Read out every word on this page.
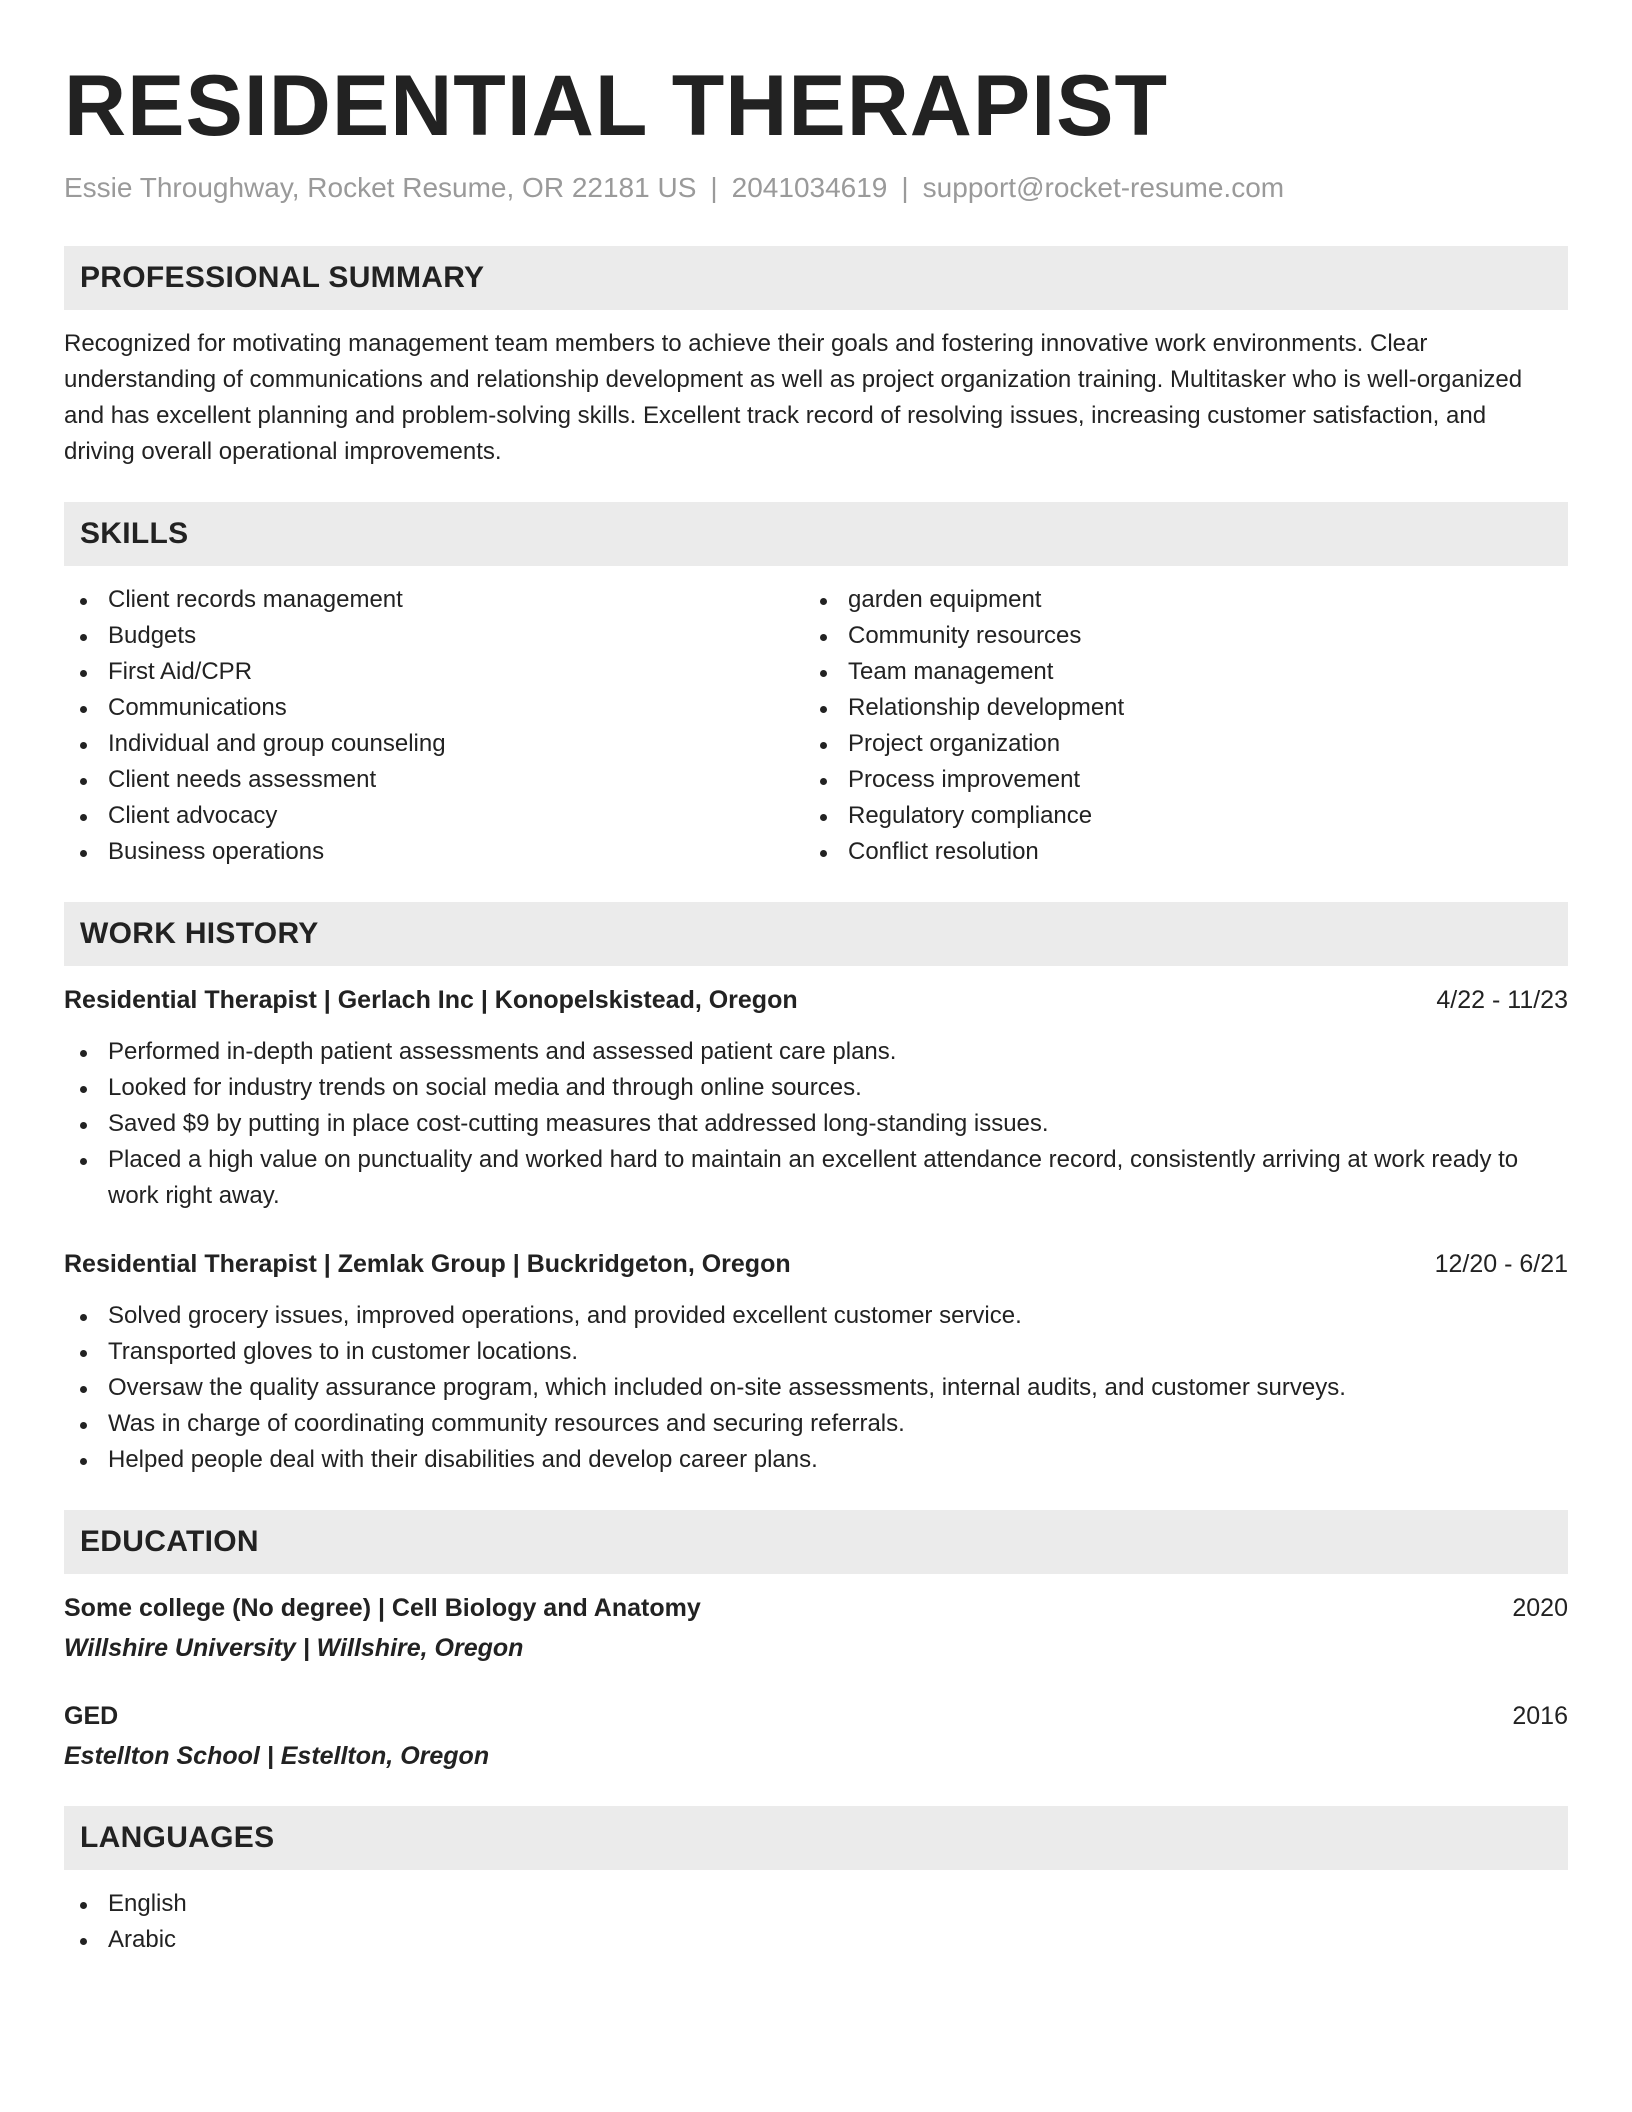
RESIDENTIAL THERAPIST
Essie Throughway, Rocket Resume, OR 22181 US | 2041034619 | support@rocket-resume.com
PROFESSIONAL SUMMARY

Recognized for motivating management team members to achieve their goals and fostering innovative work environments. Clear understanding of communications and relationship development as well as project organization training. Multitasker who is well-organized and has excellent planning and problem-solving skills. Excellent track record of resolving issues, increasing customer satisfaction, and driving overall operational improvements.

SKILLS
Client records management
Budgets
First Aid/CPR
Communications
Individual and group counseling
Client needs assessment
Client advocacy
Business operations
garden equipment
Community resources
Team management
Relationship development
Project organization
Process improvement
Regulatory compliance
Conflict resolution
WORK HISTORY
Residential Therapist | Gerlach Inc | Konopelskistead, Oregon	4/22 - 11/23
Performed in-depth patient assessments and assessed patient care plans.
Looked for industry trends on social media and through online sources.
Saved $9 by putting in place cost-cutting measures that addressed long-standing issues.
Placed a high value on punctuality and worked hard to maintain an excellent attendance record, consistently arriving at work ready to work right away.
Residential Therapist | Zemlak Group | Buckridgeton, Oregon	12/20 - 6/21
Solved grocery issues, improved operations, and provided excellent customer service.
Transported gloves to in customer locations.
Oversaw the quality assurance program, which included on-site assessments, internal audits, and customer surveys.
Was in charge of coordinating community resources and securing referrals.
Helped people deal with their disabilities and develop career plans.
EDUCATION
Some college (No degree) | Cell Biology and Anatomy	2020
Willshire University | Willshire, Oregon
GED	2016
Estellton School | Estellton, Oregon
LANGUAGES
English
Arabic
